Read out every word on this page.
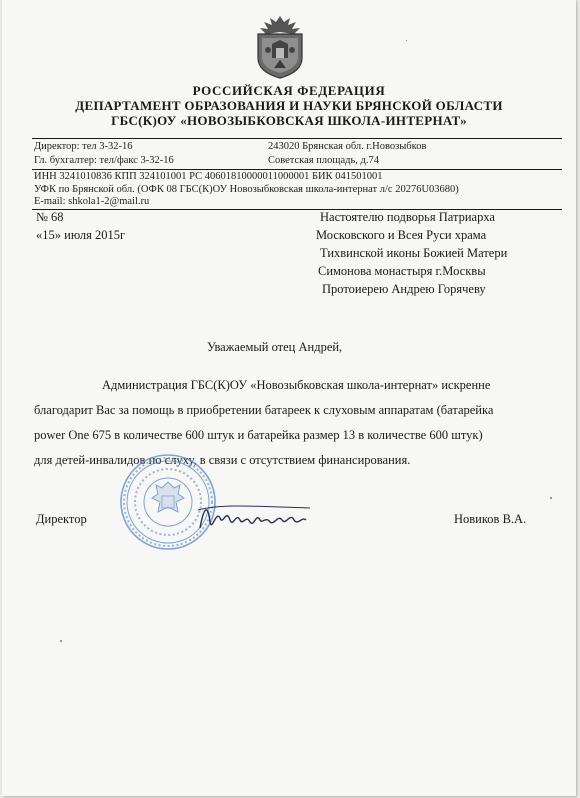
РОССИЙСКАЯ ФЕДЕРАЦИЯ
ДЕПАРТАМЕНТ ОБРАЗОВАНИЯ И НАУКИ БРЯНСКОЙ ОБЛАСТИ
ГБС(К)ОУ «НОВОЗЫБКОВСКАЯ ШКОЛА-ИНТЕРНАТ»
Директор: тел 3-32-16
Гл. бухгалтер: тел/факс 3-32-16
243020 Брянская обл. г.Новозыбков
Советская площадь, д.74
ИНН 3241010836 КПП 324101001 РС 40601810000011000001 БИК 041501001
УФК по Брянской обл. (ОФК 08 ГБС(К)ОУ Новозыбковская школа-интернат л/с 20276U03680)
E-mail: shkola1-2@mail.ru
№ 68
«15» июля 2015г
Настоятелю подворья Патриарха
Московского и Всея Руси храма
Тихвинской иконы Божией Матери
Симонова монастыря г.Москвы
Протоиерею Андрею Горячеву
Уважаемый отец Андрей,
Администрация ГБС(К)ОУ «Новозыбковская школа-интернат» искренне
благодарит Вас за помощь в приобретении батареек к слуховым аппаратам (батарейка
power One 675 в количестве 600 штук и батарейка размер 13 в количестве 600 штук)
для детей-инвалидов по слуху, в связи с отсутствием финансирования.
Директор	Новиков В.А.
